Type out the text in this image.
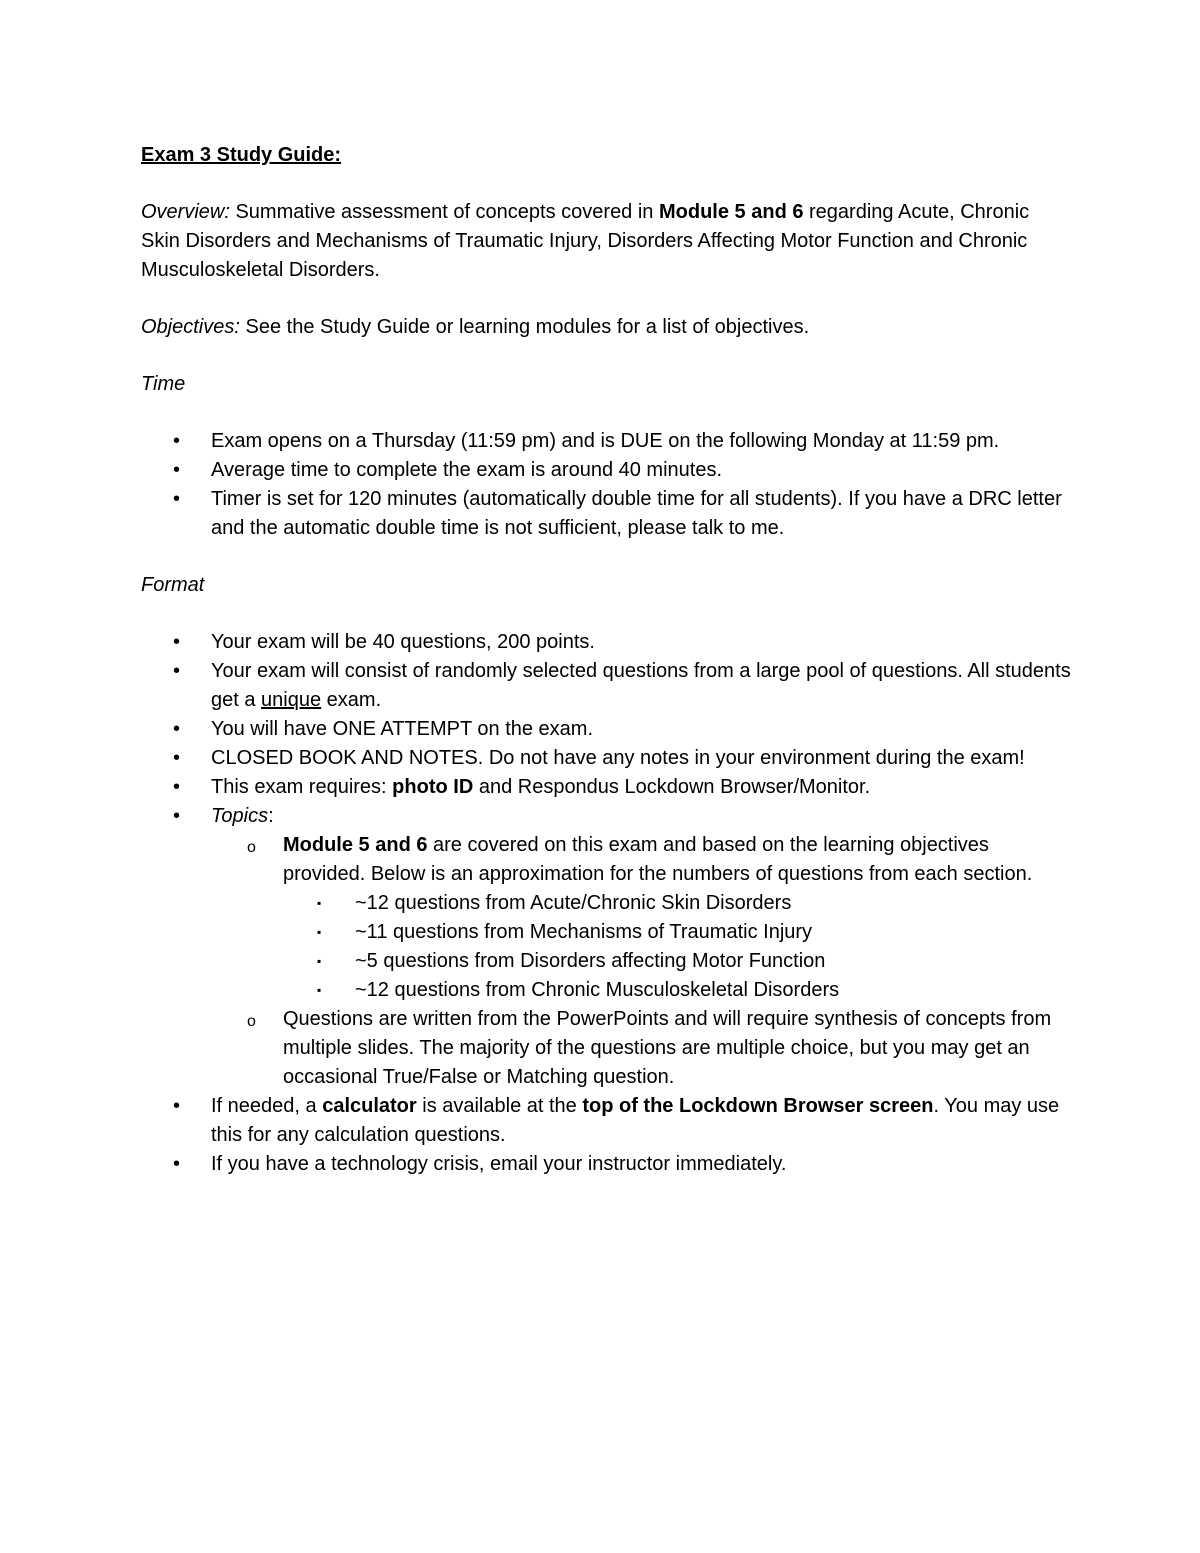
Exam 3 Study Guide:

Overview: Summative assessment of concepts covered in Module 5 and 6 regarding Acute, Chronic Skin Disorders and Mechanisms of Traumatic Injury, Disorders Affecting Motor Function and Chronic Musculoskeletal Disorders.

Objectives: See the Study Guide or learning modules for a list of objectives.

Time

• Exam opens on a Thursday (11:59 pm) and is DUE on the following Monday at 11:59 pm.
• Average time to complete the exam is around 40 minutes.
• Timer is set for 120 minutes (automatically double time for all students). If you have a DRC letter and the automatic double time is not sufficient, please talk to me.

Format

• Your exam will be 40 questions, 200 points.
• Your exam will consist of randomly selected questions from a large pool of questions. All students get a unique exam.
• You will have ONE ATTEMPT on the exam.
• CLOSED BOOK AND NOTES. Do not have any notes in your environment during the exam!
• This exam requires: photo ID and Respondus Lockdown Browser/Monitor.
• Topics:
o Module 5 and 6 are covered on this exam and based on the learning objectives provided. Below is an approximation for the numbers of questions from each section.
▪ ~12 questions from Acute/Chronic Skin Disorders
▪ ~11 questions from Mechanisms of Traumatic Injury
▪ ~5 questions from Disorders affecting Motor Function
▪ ~12 questions from Chronic Musculoskeletal Disorders
o Questions are written from the PowerPoints and will require synthesis of concepts from multiple slides. The majority of the questions are multiple choice, but you may get an occasional True/False or Matching question.
• If needed, a calculator is available at the top of the Lockdown Browser screen. You may use this for any calculation questions.
• If you have a technology crisis, email your instructor immediately.
